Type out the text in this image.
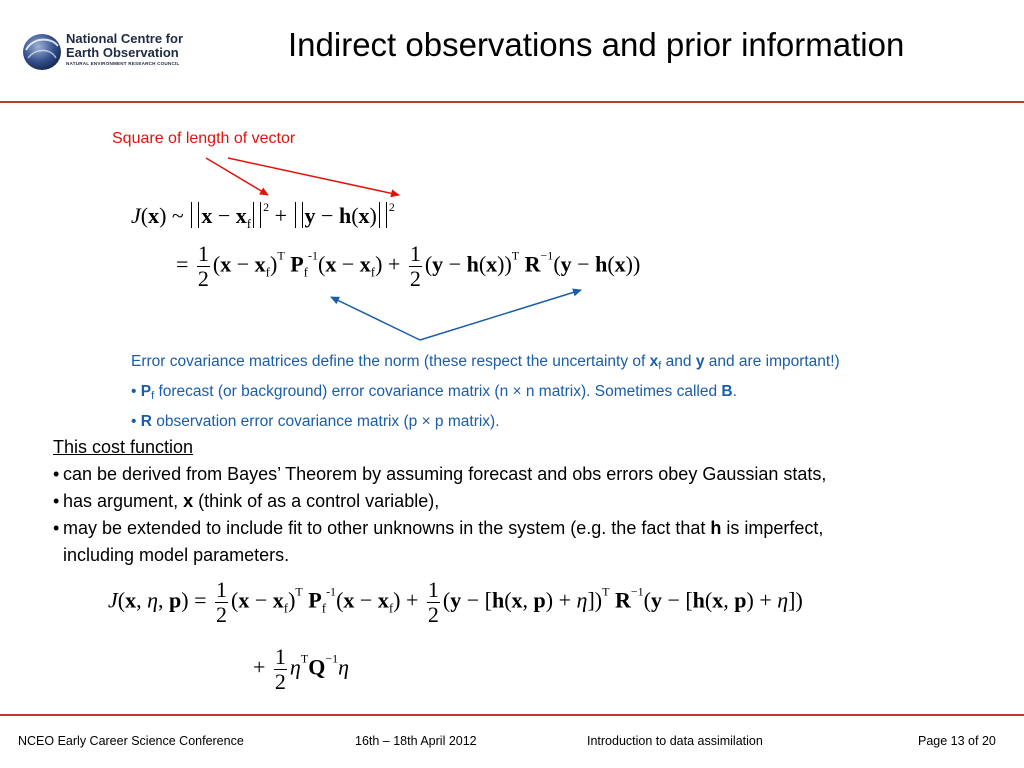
National Centre for
Earth Observation
NATURAL ENVIRONMENT RESEARCH COUNCIL
Indirect observations and prior information
Square of length of vector
J(x) ~ $x - x_f^2 + y - h(x)$ $^2$
= $\frac{1}{2} (x - x_f)^T$ $P_f^{-1}(x - x_f) + \frac{1}{2} (y - h(x))^T$ $R^{-1}(y - h(x))$
Error covariance matrices define the norm (these respect the uncertainty of xf and y and are important!)
• Pf forecast (or background) error covariance matrix (n × n matrix). Sometimes called B.
• R observation error covariance matrix (p × p matrix).
This cost function
• can be derived from Bayes’ Theorem by assuming forecast and obs errors obey Gaussian stats,
• has argument, x (think of as a control variable),
• may be extended to include fit to other unknowns in the system (e.g. the fact that h is imperfect,
including model parameters.
J(x, η, $p) = \frac{1}{2} (x - x_f)^T$ $P_f^{-1}(x - x_f) + \frac{1}{2} (y - [h(x$, p) + η])$^T$ $R^{-1}(y - [h(x$, p) + η])
+ $\frac{1}{2} \eta^TQ^{-1}\eta$
NCEO Early Career Science Conference	16th – 18th April 2012	Introduction to data assimilation	Page 13 of 20
